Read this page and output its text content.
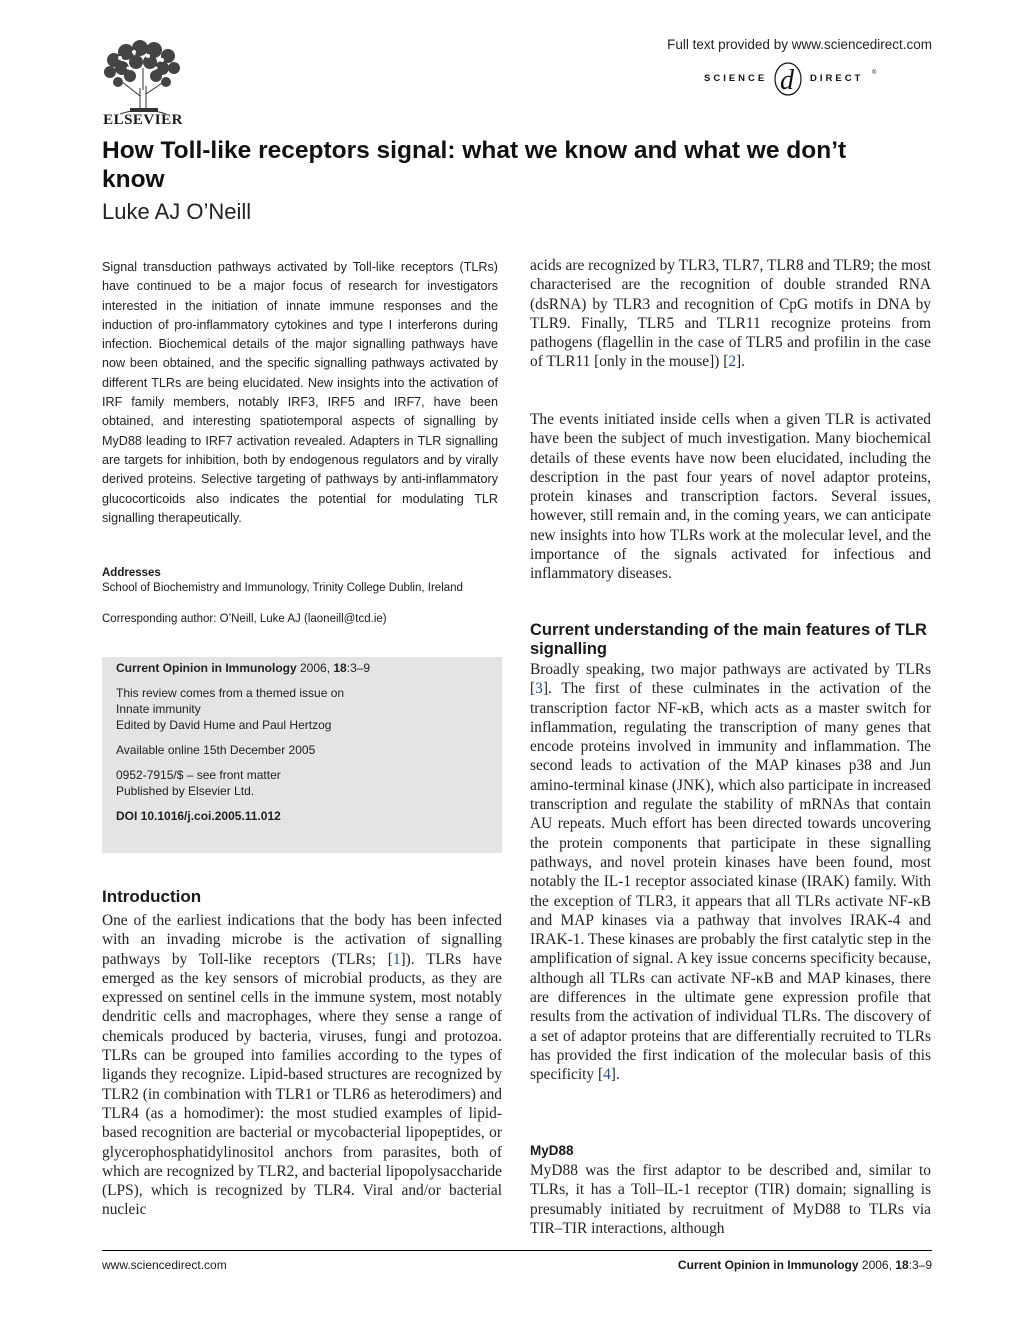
ELSEVIER
Full text provided by www.sciencedirect.com
SCIENCE d DIRECT ®
How Toll-like receptors signal: what we know and what we don’t know
Luke AJ O’Neill
Signal transduction pathways activated by Toll-like receptors (TLRs) have continued to be a major focus of research for investigators interested in the initiation of innate immune responses and the induction of pro-inflammatory cytokines and type I interferons during infection. Biochemical details of the major signalling pathways have now been obtained, and the specific signalling pathways activated by different TLRs are being elucidated. New insights into the activation of IRF family members, notably IRF3, IRF5 and IRF7, have been obtained, and interesting spatiotemporal aspects of signalling by MyD88 leading to IRF7 activation revealed. Adapters in TLR signalling are targets for inhibition, both by endogenous regulators and by virally derived proteins. Selective targeting of pathways by anti-inflammatory glucocorticoids also indicates the potential for modulating TLR signalling therapeutically.
Addresses
School of Biochemistry and Immunology, Trinity College Dublin, Ireland
Corresponding author: O’Neill, Luke AJ (laoneill@tcd.ie)
Current Opinion in Immunology 2006, 18:3–9
This review comes from a themed issue on
Innate immunity
Edited by David Hume and Paul Hertzog
Available online 15th December 2005
0952-7915/$ – see front matter
Published by Elsevier Ltd.
DOI 10.1016/j.coi.2005.11.012
Introduction
One of the earliest indications that the body has been infected with an invading microbe is the activation of signalling pathways by Toll-like receptors (TLRs; [1]). TLRs have emerged as the key sensors of microbial products, as they are expressed on sentinel cells in the immune system, most notably dendritic cells and macrophages, where they sense a range of chemicals produced by bacteria, viruses, fungi and protozoa. TLRs can be grouped into families according to the types of ligands they recognize. Lipid-based structures are recognized by TLR2 (in combination with TLR1 or TLR6 as heterodimers) and TLR4 (as a homodimer): the most studied examples of lipid-based recognition are bacterial or mycobacterial lipopeptides, or glycerophosphatidylinositol anchors from parasites, both of which are recognized by TLR2, and bacterial lipopolysaccharide (LPS), which is recognized by TLR4. Viral and/or bacterial nucleic
acids are recognized by TLR3, TLR7, TLR8 and TLR9; the most characterised are the recognition of double stranded RNA (dsRNA) by TLR3 and recognition of CpG motifs in DNA by TLR9. Finally, TLR5 and TLR11 recognize proteins from pathogens (flagellin in the case of TLR5 and profilin in the case of TLR11 [only in the mouse]) [2].
The events initiated inside cells when a given TLR is activated have been the subject of much investigation. Many biochemical details of these events have now been elucidated, including the description in the past four years of novel adaptor proteins, protein kinases and transcription factors. Several issues, however, still remain and, in the coming years, we can anticipate new insights into how TLRs work at the molecular level, and the importance of the signals activated for infectious and inflammatory diseases.
Current understanding of the main features of TLR signalling
Broadly speaking, two major pathways are activated by TLRs [3]. The first of these culminates in the activation of the transcription factor NF-κB, which acts as a master switch for inflammation, regulating the transcription of many genes that encode proteins involved in immunity and inflammation. The second leads to activation of the MAP kinases p38 and Jun amino-terminal kinase (JNK), which also participate in increased transcription and regulate the stability of mRNAs that contain AU repeats. Much effort has been directed towards uncovering the protein components that participate in these signalling pathways, and novel protein kinases have been found, most notably the IL-1 receptor associated kinase (IRAK) family. With the exception of TLR3, it appears that all TLRs activate NF-κB and MAP kinases via a pathway that involves IRAK-4 and IRAK-1. These kinases are probably the first catalytic step in the amplification of signal. A key issue concerns specificity because, although all TLRs can activate NF-κB and MAP kinases, there are differences in the ultimate gene expression profile that results from the activation of individual TLRs. The discovery of a set of adaptor proteins that are differentially recruited to TLRs has provided the first indication of the molecular basis of this specificity [4].
MyD88
MyD88 was the first adaptor to be described and, similar to TLRs, it has a Toll–IL-1 receptor (TIR) domain; signalling is presumably initiated by recruitment of MyD88 to TLRs via TIR–TIR interactions, although
www.sciencedirect.com	Current Opinion in Immunology 2006, 18:3–9
